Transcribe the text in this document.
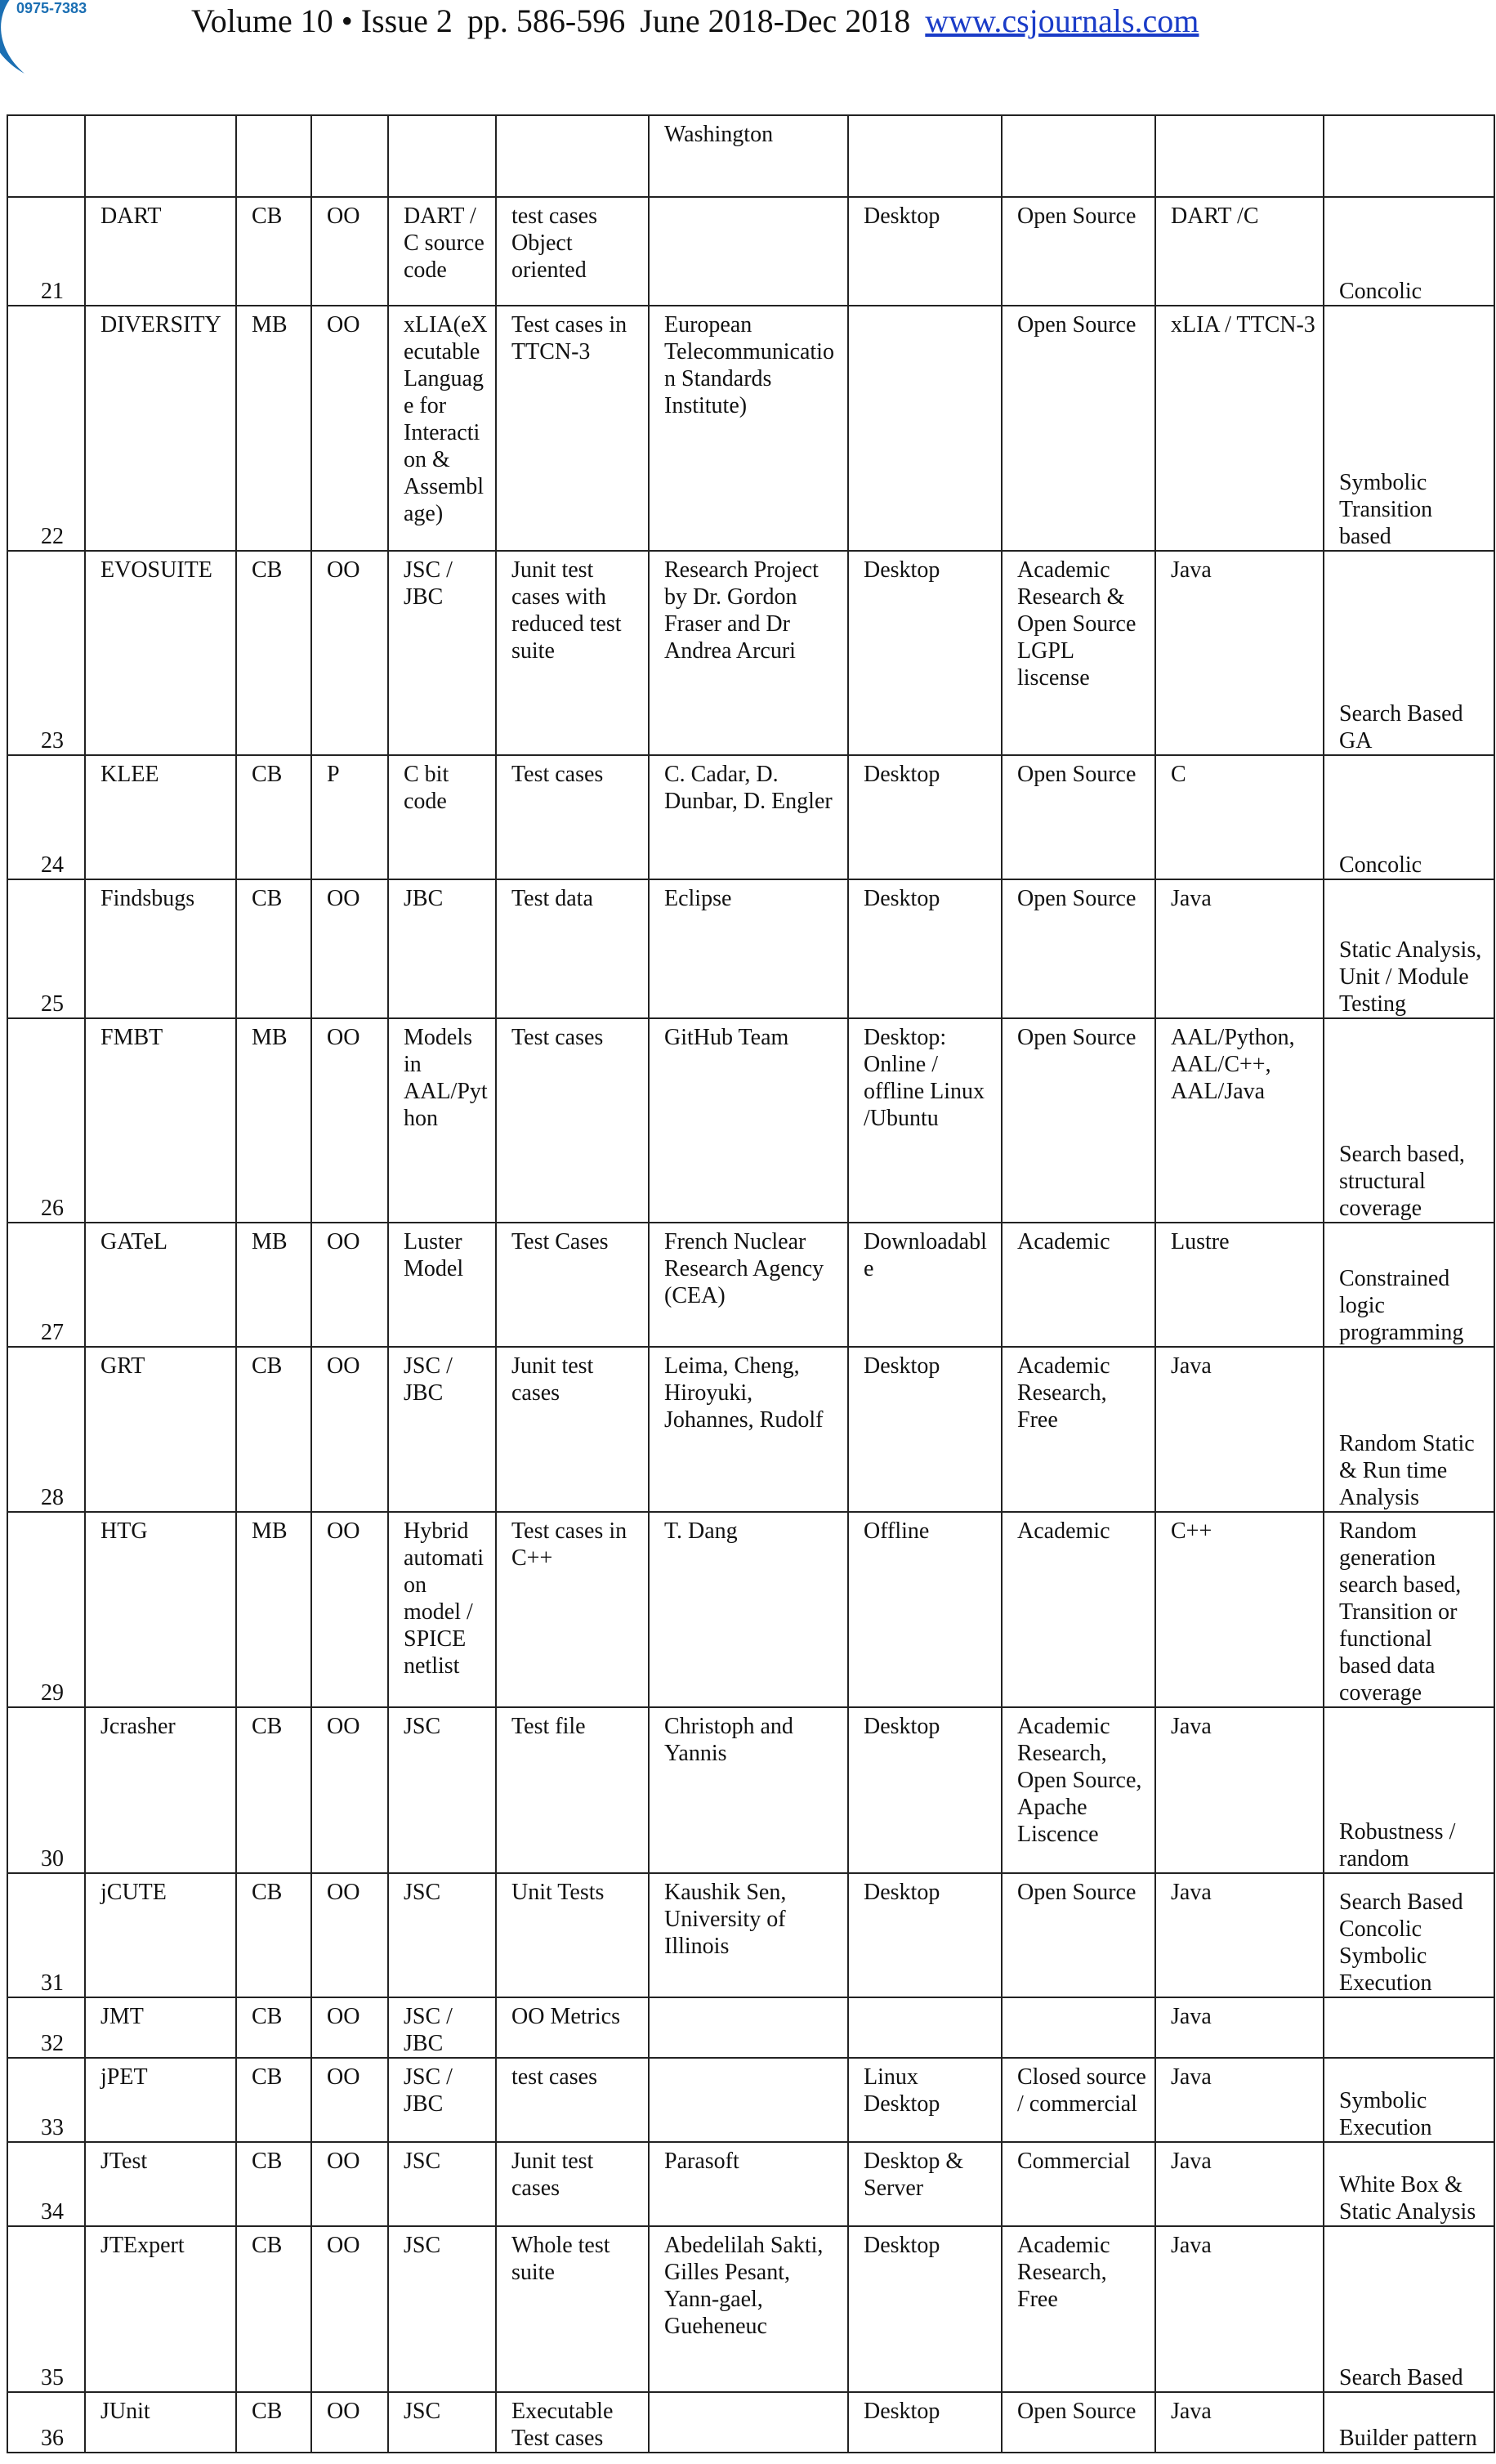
0975-7383	Volume 10 • Issue 2 pp. 586-596 June 2018-Dec 2018 www.csjournals.com
						Washington				
21	DART	CB	OO	DART / C source code	test cases Object oriented		Desktop	Open Source	DART /C	Concolic
22	DIVERSITY	MB	OO	xLIA(eXecutable Language for Interaction & Assemblage)	Test cases in TTCN-3	European Telecommunication Standards Institute)		Open Source	xLIA / TTCN-3	Symbolic Transition based
23	EVOSUITE	CB	OO	JSC / JBC	Junit test cases with reduced test suite	Research Project by Dr. Gordon Fraser and Dr Andrea Arcuri	Desktop	Academic Research & Open Source LGPL liscense	Java	Search Based GA
24	KLEE	CB	P	C bit code	Test cases	C. Cadar, D. Dunbar, D. Engler	Desktop	Open Source	C	Concolic
25	Findsbugs	CB	OO	JBC	Test data	Eclipse	Desktop	Open Source	Java	Static Analysis, Unit / Module Testing
26	FMBT	MB	OO	Models in AAL/Python	Test cases	GitHub Team	Desktop: Online / offline Linux /Ubuntu	Open Source	AAL/Python, AAL/C++, AAL/Java	Search based, structural coverage
27	GATeL	MB	OO	Luster Model	Test Cases	French Nuclear Research Agency (CEA)	Downloadable	Academic	Lustre	Constrained logic programming
28	GRT	CB	OO	JSC / JBC	Junit test cases	Leima, Cheng, Hiroyuki, Johannes, Rudolf	Desktop	Academic Research, Free	Java	Random Static & Run time Analysis
29	HTG	MB	OO	Hybrid automation model / SPICE netlist	Test cases in C++	T. Dang	Offline	Academic	C++	Random generation search based, Transition or functional based data coverage
30	Jcrasher	CB	OO	JSC	Test file	Christoph and Yannis	Desktop	Academic Research, Open Source, Apache Liscence	Java	Robustness / random
31	jCUTE	CB	OO	JSC	Unit Tests	Kaushik Sen, University of Illinois	Desktop	Open Source	Java	Search Based Concolic Symbolic Execution
32	JMT	CB	OO	JSC / JBC	OO Metrics				Java	
33	jPET	CB	OO	JSC / JBC	test cases		Linux Desktop	Closed source / commercial	Java	Symbolic Execution
34	JTest	CB	OO	JSC	Junit test cases	Parasoft	Desktop & Server	Commercial	Java	White Box & Static Analysis
35	JTExpert	CB	OO	JSC	Whole test suite	Abedelilah Sakti, Gilles Pesant, Yann-gael, Gueheneuc	Desktop	Academic Research, Free	Java	Search Based
36	JUnit	CB	OO	JSC	Executable Test cases		Desktop	Open Source	Java	Builder pattern
